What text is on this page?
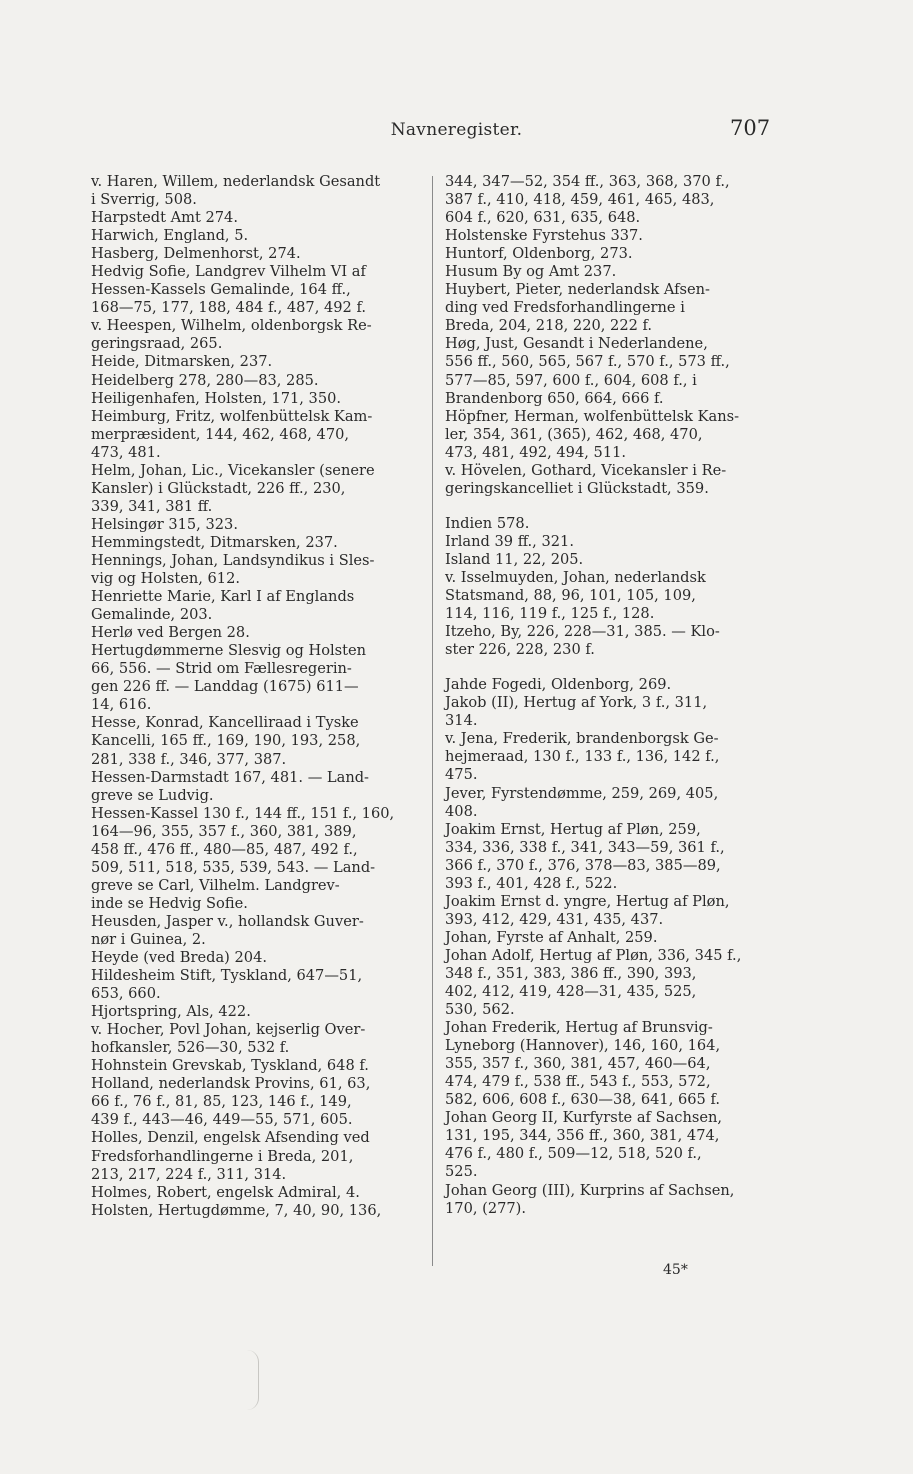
Navneregister.	707
v. Haren, Willem, nederlandsk Gesandt
i Sverrig, 508.
Harpstedt Amt 274.
Harwich, England, 5.
Hasberg, Delmenhorst, 274.
Hedvig Sofie, Landgrev Vilhelm VI af
Hessen-Kassels Gemalinde, 164 ff.,
168—75, 177, 188, 484 f., 487, 492 f.
v. Heespen, Wilhelm, oldenborgsk Re-
geringsraad, 265.
Heide, Ditmarsken, 237.
Heidelberg 278, 280—83, 285.
Heiligenhafen, Holsten, 171, 350.
Heimburg, Fritz, wolfenbüttelsk Kam-
merpræsident, 144, 462, 468, 470,
473, 481.
Helm, Johan, Lic., Vicekansler (senere
Kansler) i Glückstadt, 226 ff., 230,
339, 341, 381 ff.
Helsingør 315, 323.
Hemmingstedt, Ditmarsken, 237.
Hennings, Johan, Landsyndikus i Sles-
vig og Holsten, 612.
Henriette Marie, Karl I af Englands
Gemalinde, 203.
Herlø ved Bergen 28.
Hertugdømmerne Slesvig og Holsten
66, 556. — Strid om Fællesregerin-
gen 226 ff. — Landdag (1675) 611—
14, 616.
Hesse, Konrad, Kancelliraad i Tyske
Kancelli, 165 ff., 169, 190, 193, 258,
281, 338 f., 346, 377, 387.
Hessen-Darmstadt 167, 481. — Land-
greve se Ludvig.
Hessen-Kassel 130 f., 144 ff., 151 f., 160,
164—96, 355, 357 f., 360, 381, 389,
458 ff., 476 ff., 480—85, 487, 492 f.,
509, 511, 518, 535, 539, 543. — Land-
greve se Carl, Vilhelm. Landgrev-
inde se Hedvig Sofie.
Heusden, Jasper v., hollandsk Guver-
nør i Guinea, 2.
Heyde (ved Breda) 204.
Hildesheim Stift, Tyskland, 647—51,
653, 660.
Hjortspring, Als, 422.
v. Hocher, Povl Johan, kejserlig Over-
hofkansler, 526—30, 532 f.
Hohnstein Grevskab, Tyskland, 648 f.
Holland, nederlandsk Provins, 61, 63,
66 f., 76 f., 81, 85, 123, 146 f., 149,
439 f., 443—46, 449—55, 571, 605.
Holles, Denzil, engelsk Afsending ved
Fredsforhandlingerne i Breda, 201,
213, 217, 224 f., 311, 314.
Holmes, Robert, engelsk Admiral, 4.
Holsten, Hertugdømme, 7, 40, 90, 136,
344, 347—52, 354 ff., 363, 368, 370 f.,
387 f., 410, 418, 459, 461, 465, 483,
604 f., 620, 631, 635, 648.
Holstenske Fyrstehus 337.
Huntorf, Oldenborg, 273.
Husum By og Amt 237.
Huybert, Pieter, nederlandsk Afsen-
ding ved Fredsforhandlingerne i
Breda, 204, 218, 220, 222 f.
Høg, Just, Gesandt i Nederlandene,
556 ff., 560, 565, 567 f., 570 f., 573 ff.,
577—85, 597, 600 f., 604, 608 f., i
Brandenborg 650, 664, 666 f.
Höpfner, Herman, wolfenbüttelsk Kans-
ler, 354, 361, (365), 462, 468, 470,
473, 481, 492, 494, 511.
v. Hövelen, Gothard, Vicekansler i Re-
geringskancelliet i Glückstadt, 359.
Indien 578.
Irland 39 ff., 321.
Island 11, 22, 205.
v. Isselmuyden, Johan, nederlandsk
Statsmand, 88, 96, 101, 105, 109,
114, 116, 119 f., 125 f., 128.
Itzeho, By, 226, 228—31, 385. — Klo-
ster 226, 228, 230 f.
Jahde Fogedi, Oldenborg, 269.
Jakob (II), Hertug af York, 3 f., 311,
314.
v. Jena, Frederik, brandenborgsk Ge-
hejmeraad, 130 f., 133 f., 136, 142 f.,
475.
Jever, Fyrstendømme, 259, 269, 405,
408.
Joakim Ernst, Hertug af Pløn, 259,
334, 336, 338 f., 341, 343—59, 361 f.,
366 f., 370 f., 376, 378—83, 385—89,
393 f., 401, 428 f., 522.
Joakim Ernst d. yngre, Hertug af Pløn,
393, 412, 429, 431, 435, 437.
Johan, Fyrste af Anhalt, 259.
Johan Adolf, Hertug af Pløn, 336, 345 f.,
348 f., 351, 383, 386 ff., 390, 393,
402, 412, 419, 428—31, 435, 525,
530, 562.
Johan Frederik, Hertug af Brunsvig-
Lyneborg (Hannover), 146, 160, 164,
355, 357 f., 360, 381, 457, 460—64,
474, 479 f., 538 ff., 543 f., 553, 572,
582, 606, 608 f., 630—38, 641, 665 f.
Johan Georg II, Kurfyrste af Sachsen,
131, 195, 344, 356 ff., 360, 381, 474,
476 f., 480 f., 509—12, 518, 520 f.,
525.
Johan Georg (III), Kurprins af Sachsen,
170, (277).
45*
